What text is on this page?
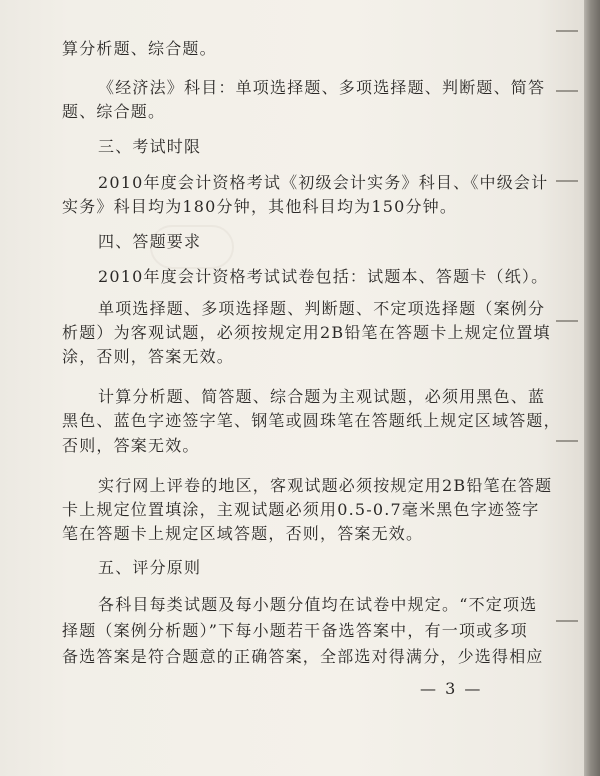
算分析题、综合题。
《经济法》科目：单项选择题、多项选择题、判断题、简答
题、综合题。
三、考试时限
2010年度会计资格考试《初级会计实务》科目、《中级会计
实务》科目均为180分钟，其他科目均为150分钟。
四、答题要求
2010年度会计资格考试试卷包括：试题本、答题卡（纸）。
单项选择题、多项选择题、判断题、不定项选择题（案例分
析题）为客观试题，必须按规定用2B铅笔在答题卡上规定位置填
涂，否则，答案无效。
计算分析题、简答题、综合题为主观试题，必须用黑色、蓝
黑色、蓝色字迹签字笔、钢笔或圆珠笔在答题纸上规定区域答题，
否则，答案无效。
实行网上评卷的地区，客观试题必须按规定用2B铅笔在答题
卡上规定位置填涂，主观试题必须用0.5-0.7毫米黑色字迹签字
笔在答题卡上规定区域答题，否则，答案无效。
五、评分原则
各科目每类试题及每小题分值均在试卷中规定。“不定项选
择题（案例分析题）”下每小题若干备选答案中，有一项或多项
备选答案是符合题意的正确答案，全部选对得满分，少选得相应
— 3 —
